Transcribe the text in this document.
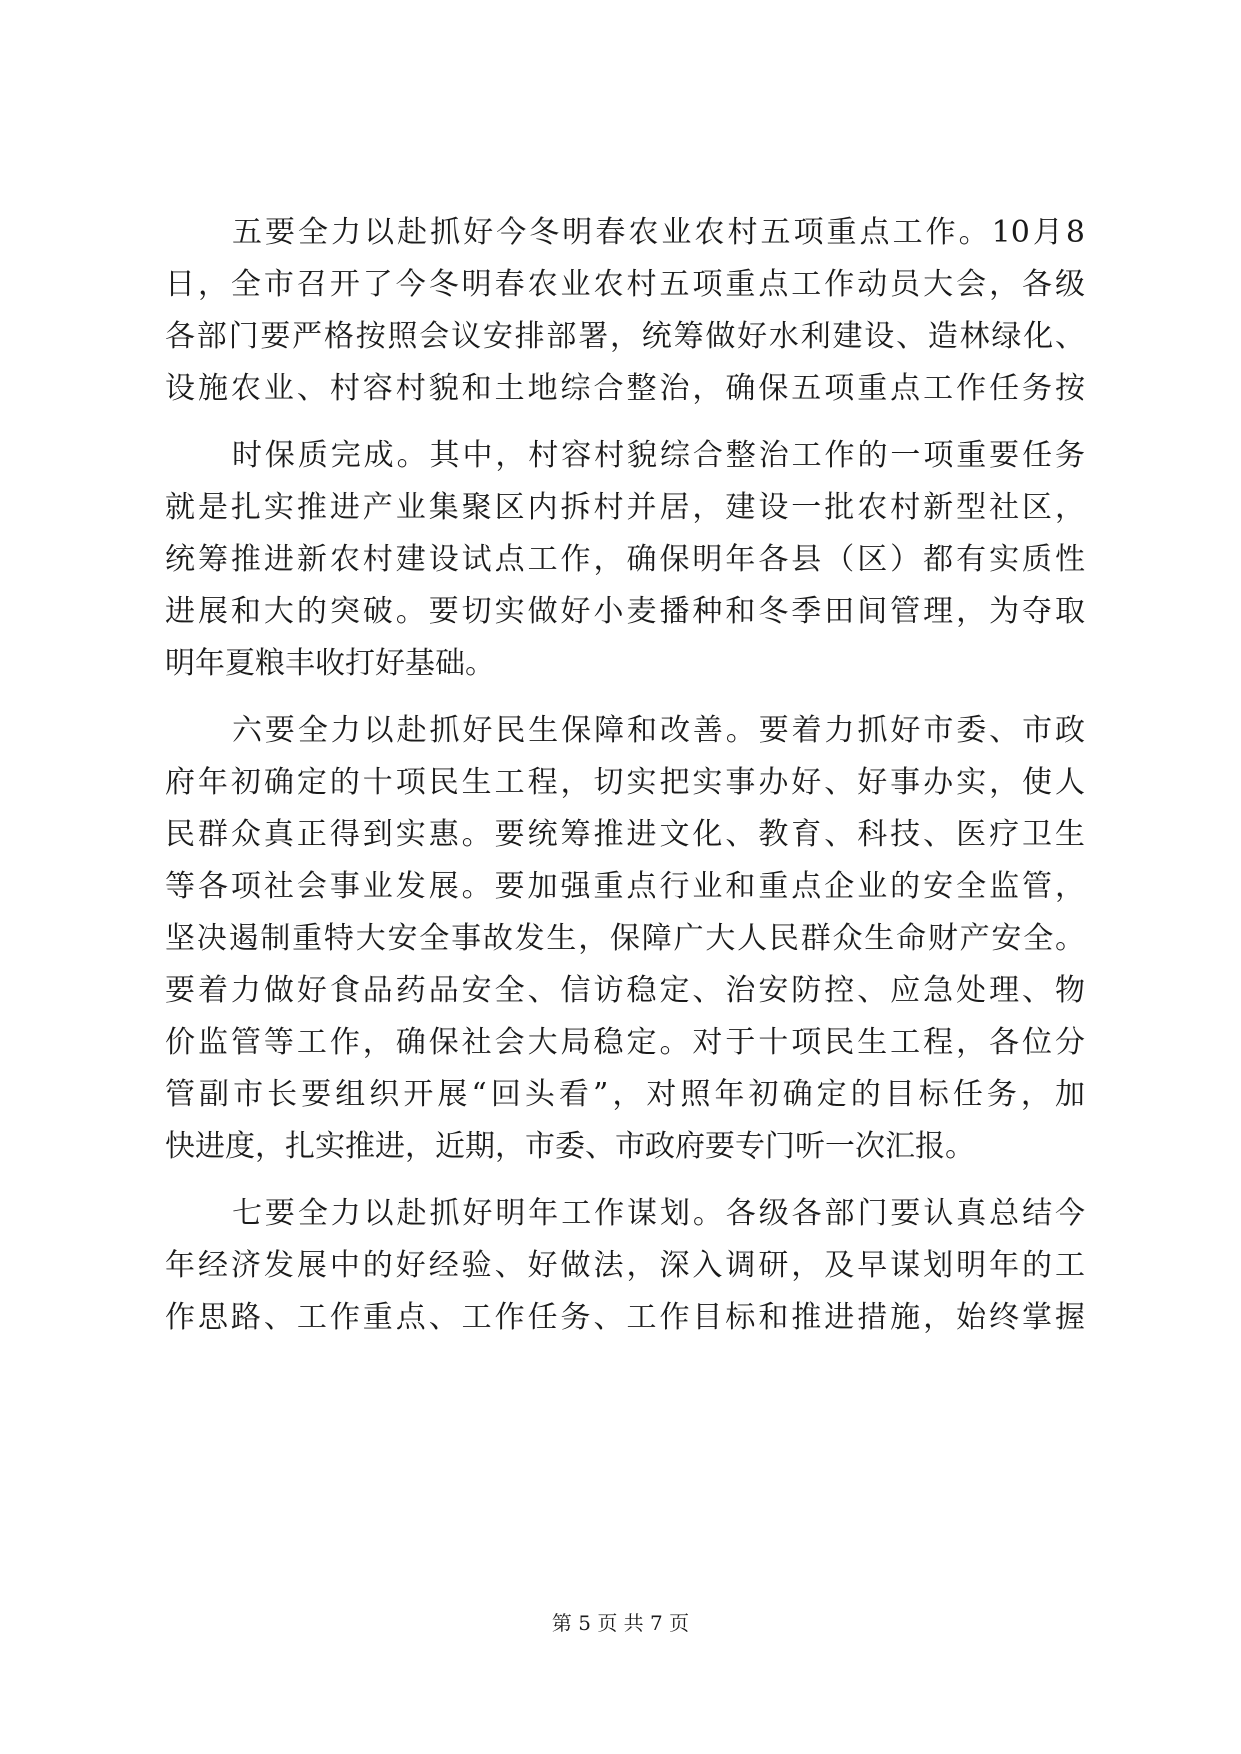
五要全力以赴抓好今冬明春农业农村五项重点工作。10月8
日，全市召开了今冬明春农业农村五项重点工作动员大会，各级
各部门要严格按照会议安排部署，统筹做好水利建设、造林绿化、
设施农业、村容村貌和土地综合整治，确保五项重点工作任务按
时保质完成。其中，村容村貌综合整治工作的一项重要任务
就是扎实推进产业集聚区内拆村并居，建设一批农村新型社区，
统筹推进新农村建设试点工作，确保明年各县（区）都有实质性
进展和大的突破。要切实做好小麦播种和冬季田间管理，为夺取
明年夏粮丰收打好基础。
六要全力以赴抓好民生保障和改善。要着力抓好市委、市政
府年初确定的十项民生工程，切实把实事办好、好事办实，使人
民群众真正得到实惠。要统筹推进文化、教育、科技、医疗卫生
等各项社会事业发展。要加强重点行业和重点企业的安全监管，
坚决遏制重特大安全事故发生，保障广大人民群众生命财产安全。
要着力做好食品药品安全、信访稳定、治安防控、应急处理、物
价监管等工作，确保社会大局稳定。对于十项民生工程，各位分
管副市长要组织开展“回头看”，对照年初确定的目标任务，加
快进度，扎实推进，近期，市委、市政府要专门听一次汇报。
七要全力以赴抓好明年工作谋划。各级各部门要认真总结今
年经济发展中的好经验、好做法，深入调研，及早谋划明年的工
作思路、工作重点、工作任务、工作目标和推进措施，始终掌握
第 5 页 共 7 页
